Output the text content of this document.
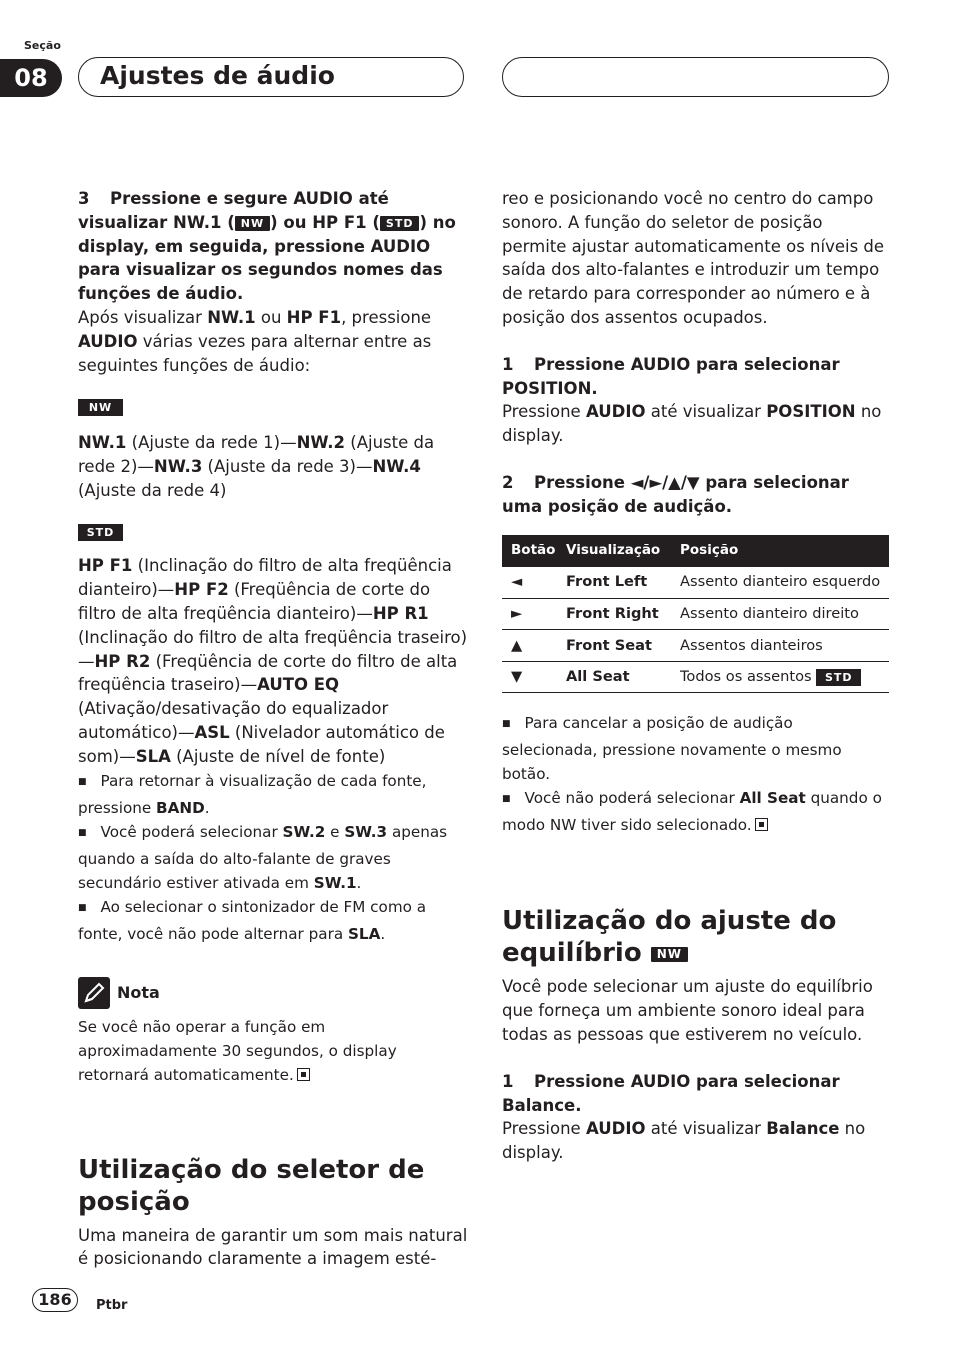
Seção
08	Ajustes de áudio

3 Pressione e segure AUDIO até visualizar NW.1 ( NW ) ou HP F1 ( STD ) no display, em seguida, pressione AUDIO para visualizar os segundos nomes das funções de áudio.

Após visualizar NW.1 ou HP F1, pressione AUDIO várias vezes para alternar entre as seguintes funções de áudio:

NW

NW.1 (Ajuste da rede 1)—NW.2 (Ajuste da rede 2)—NW.3 (Ajuste da rede 3)—NW.4 (Ajuste da rede 4)

STD

HP F1 (Inclinação do filtro de alta freqüência dianteiro)—HP F2 (Freqüência de corte do filtro de alta freqüência dianteiro)—HP R1 (Inclinação do filtro de alta freqüência traseiro) —HP R2 (Freqüência de corte do filtro de alta freqüência traseiro)—AUTO EQ (Ativação/desativação do equalizador automático)—ASL (Nivelador automático de som)—SLA (Ajuste de nível de fonte)

■ Para retornar à visualização de cada fonte, pressione BAND.

■ Você poderá selecionar SW.2 e SW.3 apenas quando a saída do alto-falante de graves secundário estiver ativada em SW.1.

■ Ao selecionar o sintonizador de FM como a fonte, você não pode alternar para SLA.

Nota

Se você não operar a função em aproximadamente 30 segundos, o display retornará automaticamente.

Utilização do seletor de posição

Uma maneira de garantir um som mais natural é posicionando claramente a imagem esté-

reo e posicionando você no centro do campo sonoro. A função do seletor de posição permite ajustar automaticamente os níveis de saída dos alto-falantes e introduzir um tempo de retardo para corresponder ao número e à posição dos assentos ocupados.

1 Pressione AUDIO para selecionar POSITION.

Pressione AUDIO até visualizar POSITION no display.

2 Pressione ◄/►/▲/▼ para selecionar uma posição de audição.

Botão	Visualização	Posição
◄	Front Left	Assento dianteiro esquerdo
►	Front Right	Assento dianteiro direito
▲	Front Seat	Assentos dianteiros
▼	All Seat	Todos os assentos STD

■ Para cancelar a posição de audição selecionada, pressione novamente o mesmo botão.

■ Você não poderá selecionar All Seat quando o modo NW tiver sido selecionado.

Utilização do ajuste do equilíbrio NW

Você pode selecionar um ajuste do equilíbrio que forneça um ambiente sonoro ideal para todas as pessoas que estiverem no veículo.

1 Pressione AUDIO para selecionar Balance.

Pressione AUDIO até visualizar Balance no display.

186	Ptbr
